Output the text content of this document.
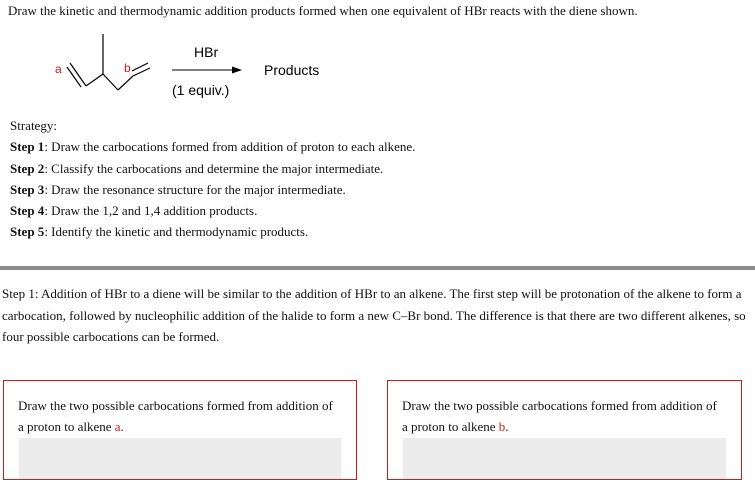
Draw the kinetic and thermodynamic addition products formed when one equivalent of HBr reacts with the diene shown.

a	b
HBr
(1 equiv.)
Products
Strategy:
Step 1: Draw the carbocations formed from addition of proton to each alkene.
Step 2: Classify the carbocations and determine the major intermediate.
Step 3: Draw the resonance structure for the major intermediate.
Step 4: Draw the 1,2 and 1,4 addition products.
Step 5: Identify the kinetic and thermodynamic products.

Step 1: Addition of HBr to a diene will be similar to the addition of HBr to an alkene. The first step will be protonation of the alkene to form a carbocation, followed by nucleophilic addition of the halide to form a new C–Br bond. The difference is that there are two different alkenes, so four possible carbocations can be formed.

Draw the two possible carbocations formed from addition of a proton to alkene a.
Draw the two possible carbocations formed from addition of a proton to alkene b.
